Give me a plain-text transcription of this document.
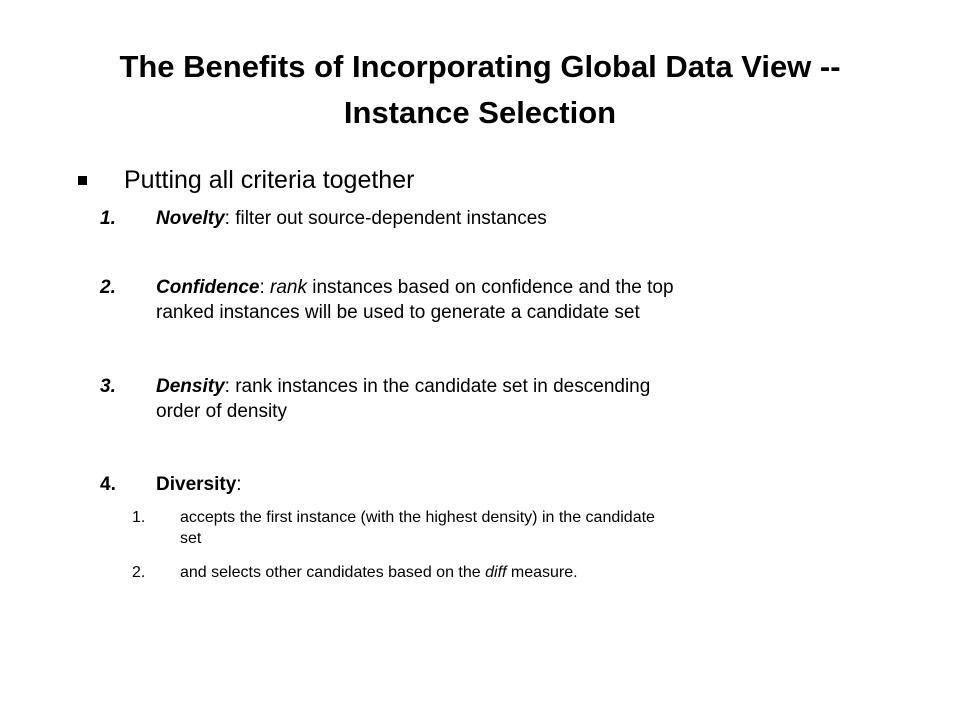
The Benefits of Incorporating Global Data View --
Instance Selection
Putting all criteria together
1.	Novelty: filter out source-dependent instances
2.	Confidence: rank instances based on confidence and the top
ranked instances will be used to generate a candidate set
3.	Density: rank instances in the candidate set in descending
order of density
4.	Diversity:
1.	accepts the first instance (with the highest density) in the candidate
set
2.	and selects other candidates based on the diff measure.
